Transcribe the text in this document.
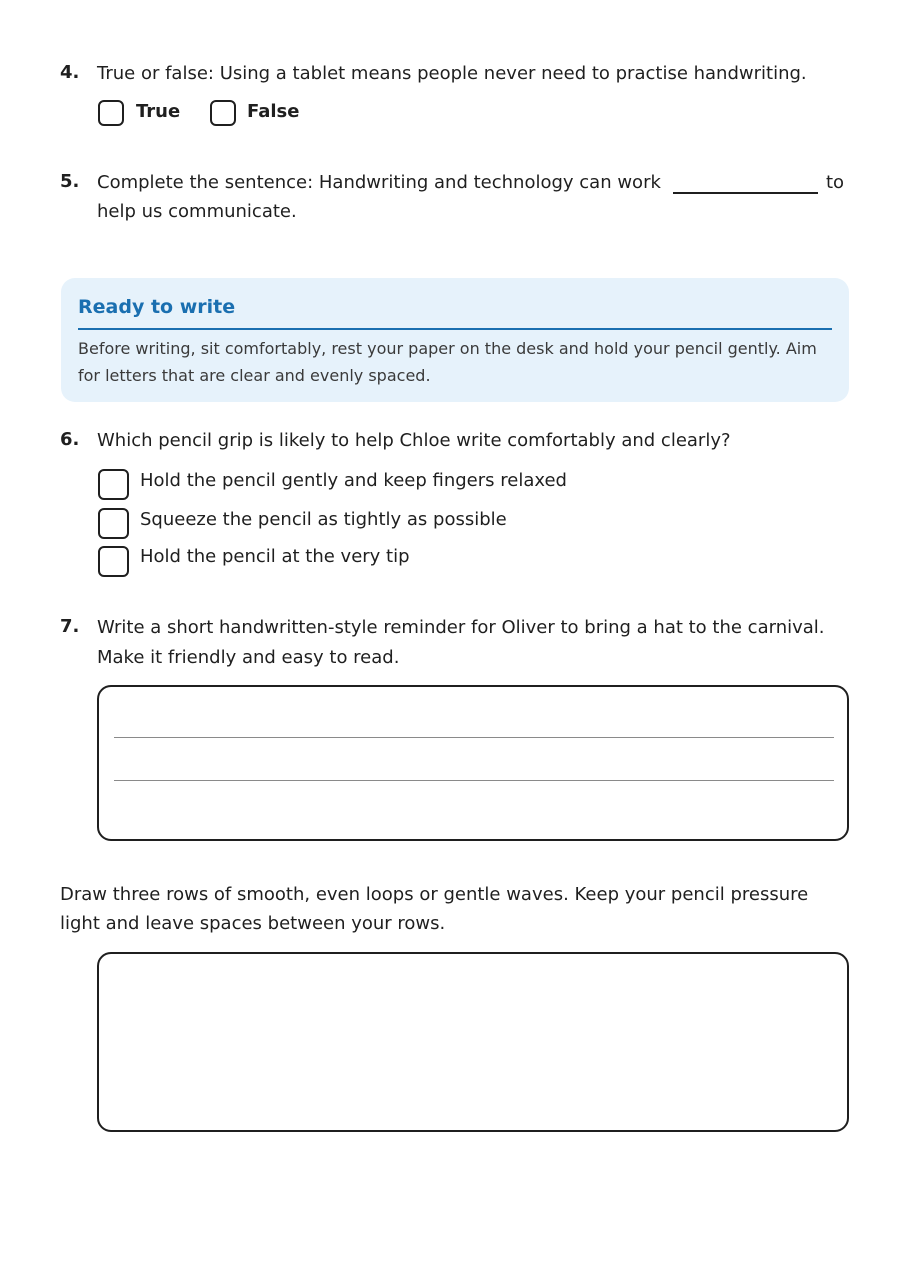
4. True or false: Using a tablet means people never need to practise handwriting.
True	False
5. Complete the sentence: Handwriting and technology can work	to
help us communicate.
Ready to write
Before writing, sit comfortably, rest your paper on the desk and hold your pencil gently. Aim
for letters that are clear and evenly spaced.
6. Which pencil grip is likely to help Chloe write comfortably and clearly?
Hold the pencil gently and keep fingers relaxed
Squeeze the pencil as tightly as possible
Hold the pencil at the very tip
7. Write a short handwritten-style reminder for Oliver to bring a hat to the carnival.
Make it friendly and easy to read.
Draw three rows of smooth, even loops or gentle waves. Keep your pencil pressure
light and leave spaces between your rows.
